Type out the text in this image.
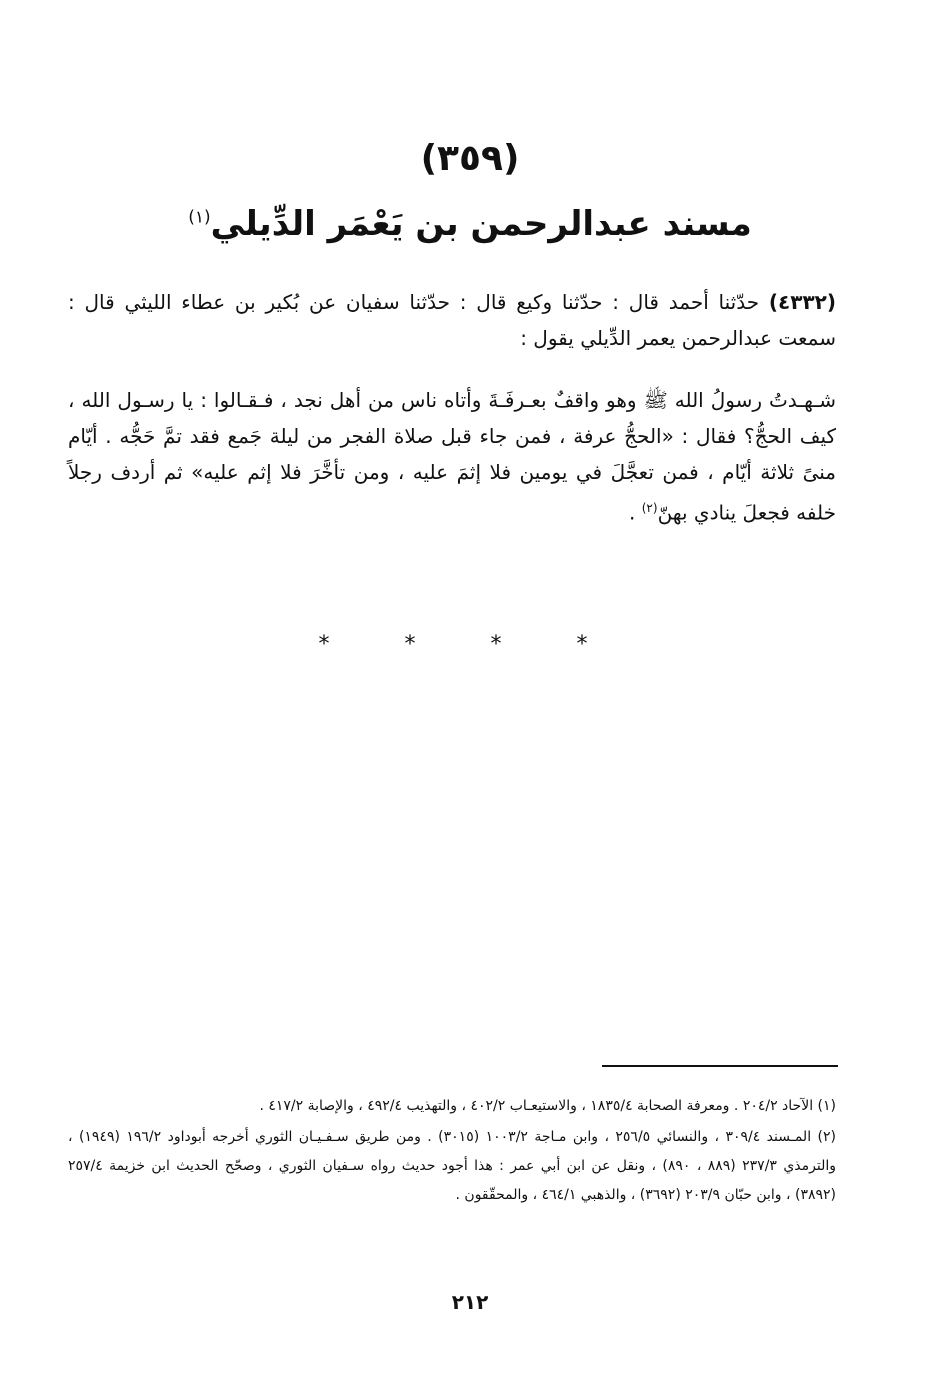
(٣٥٩)
مسند عبدالرحمن بن يَعْمَر الدِّيلي$^{(١)}$
(٤٣٣٢) حدّثنا أحمد قال : حدّثنا وكيع قال : حدّثنا سفيان عن بُكير بن عطاء الليثي قال : سمعت عبدالرحمن يعمر الدِّيلي يقول :
شـهـدتُ رسولُ الله ﷺ وهو واقفٌ بعـرفَـةَ وأتاه ناس من أهل نجد ، فـقـالوا : يا رسـول الله ، كيف الحجُّ؟ فقال : «الحجُّ عرفة ، فمن جاء قبل صلاة الفجر من ليلة جَمع فقد تمَّ حَجُّه . أيّام منىً ثلاثة أيّام ، فمن تعجَّلَ في يومين فلا إثمَ عليه ، ومن تأخَّرَ فلا إثم عليه» ثم أردف رجلاً خلفه فجعلَ ينادي بهنّ$^{(٢)}$ .
* * * *

(١) الآحاد ٢٠٤/٢ . ومعرفة الصحابة ١٨٣٥/٤ ، والاستيعـاب ٤٠٢/٢ ، والتهذيب ٤٩٢/٤ ، والإصابة ٤١٧/٢ .

(٢) المـسند ٣٠٩/٤ ، والنسائي ٢٥٦/٥ ، وابن مـاجة ١٠٠٣/٢ (٣٠١٥) . ومن طريق سـفـيـان الثوري أخرجه أبوداود ١٩٦/٢ (١٩٤٩) ، والترمذي ٢٣٧/٣ (٨٨٩ ، ٨٩٠) ، ونقل عن ابن أبي عمر : هذا أجود حديث رواه سـفيان الثوري ، وصحّح الحديث ابن خزيمة ٢٥٧/٤ (٣٨٩٢) ، وابن حبّان ٢٠٣/٩ (٣٦٩٢) ، والذهبي ٤٦٤/١ ، والمحقّقون .

٢١٢
